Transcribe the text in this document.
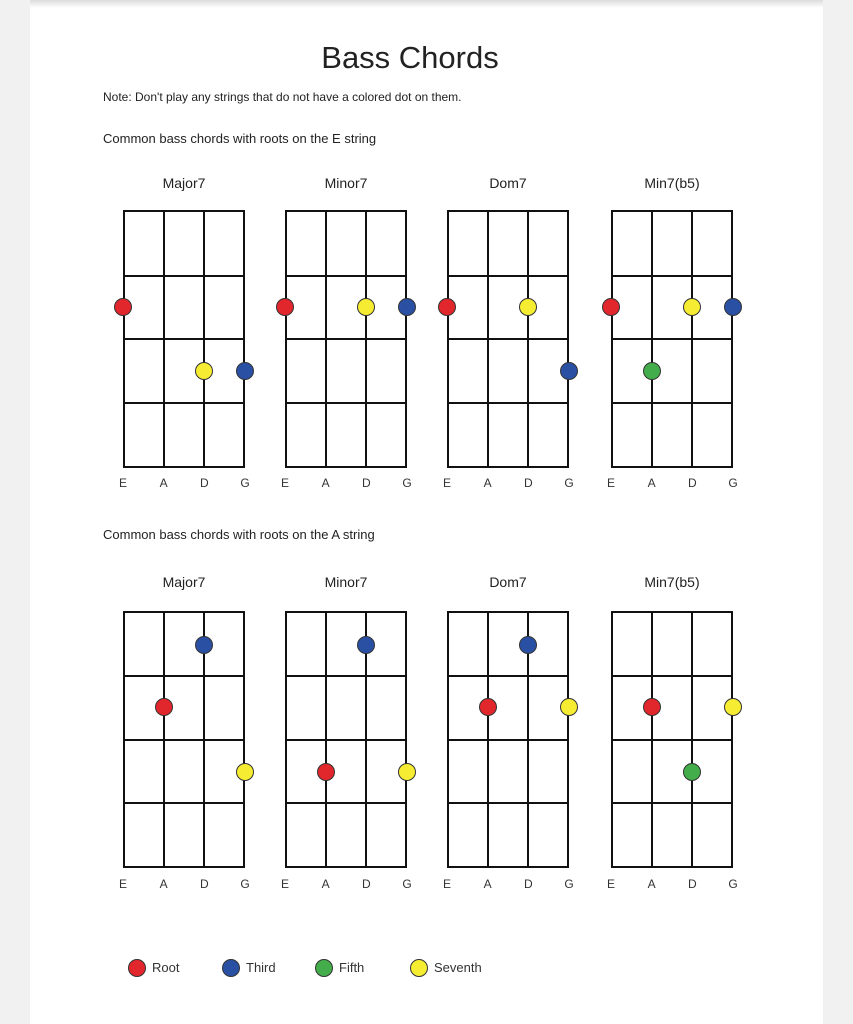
Bass Chords
Note: Don't play any strings that do not have a colored dot on them.
Common bass chords with roots on the E string
Common bass chords with roots on the A string
Major7
E	A	D	G
Minor7
E	A	D	G
Dom7
E	A	D	G
Min7(b5)
E	A	D	G
Major7
E	A	D	G
Minor7
E	A	D	G
Dom7
E	A	D	G
Min7(b5)
E	A	D	G
Root	Third	Fifth	Seventh
